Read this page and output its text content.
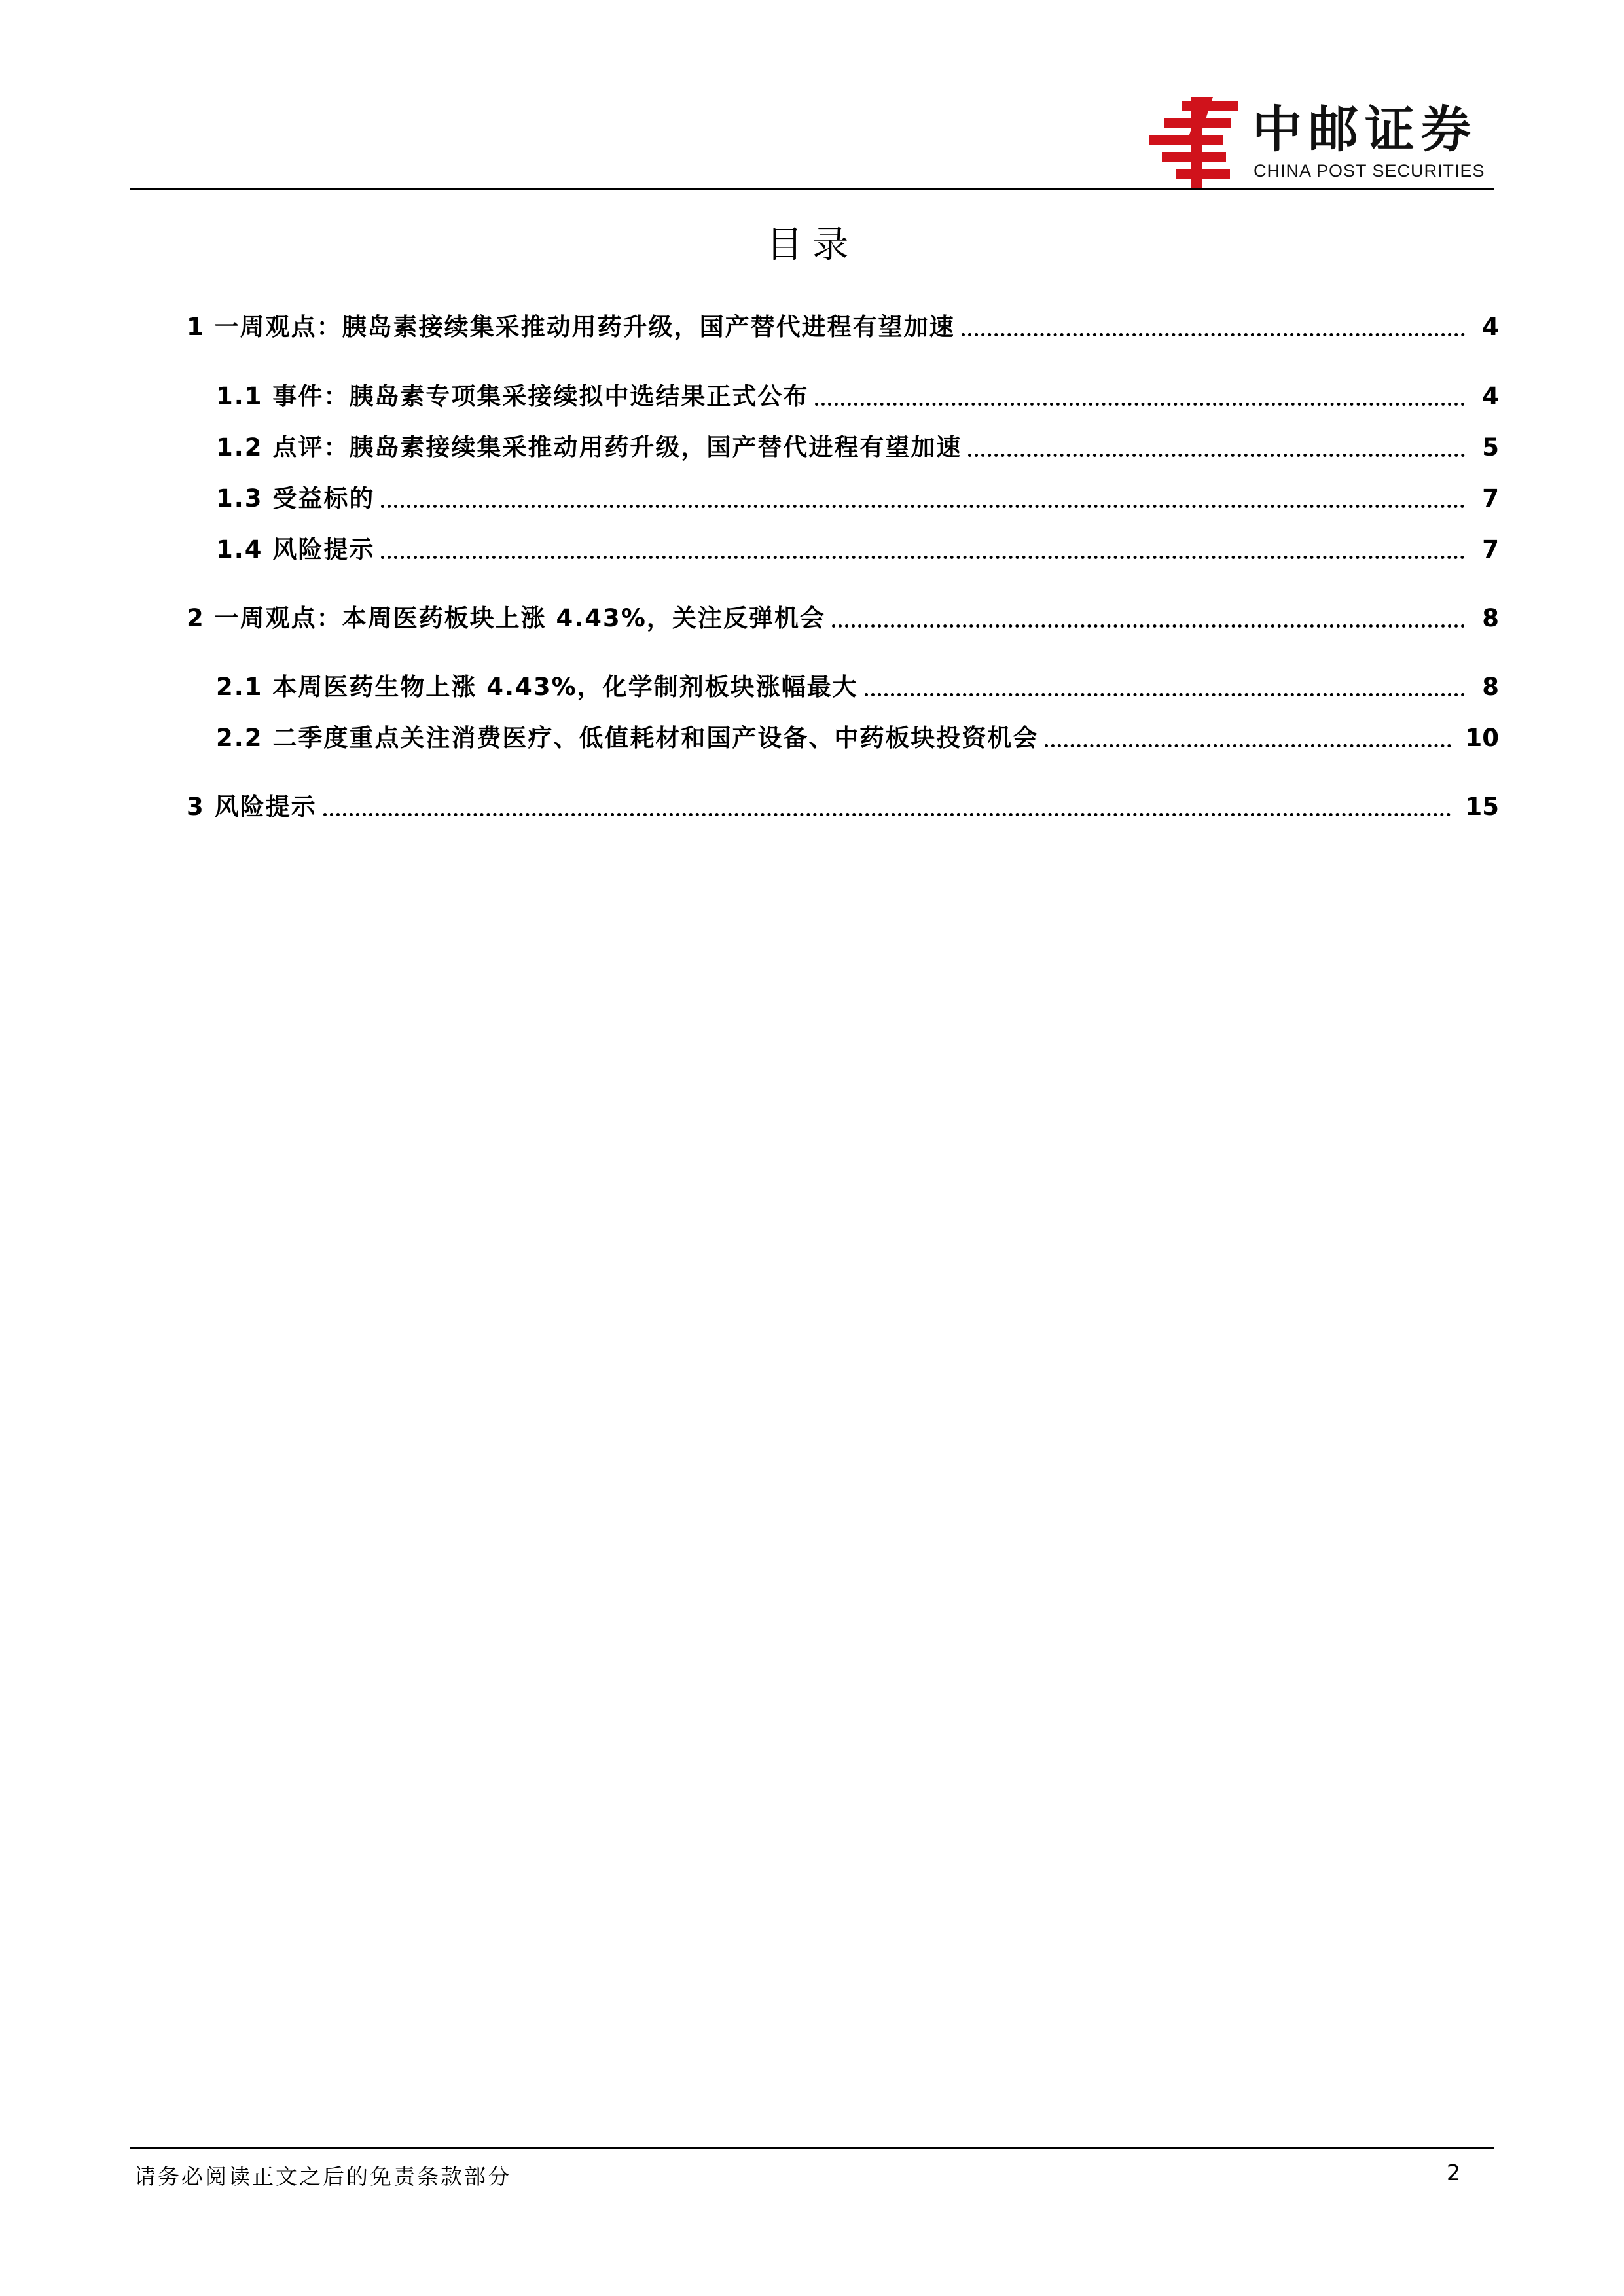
中邮证券
CHINA POST SECURITIES
目录
1 一周观点：胰岛素接续集采推动用药升级，国产替代进程有望加速	4
1.1 事件：胰岛素专项集采接续拟中选结果正式公布	4
1.2 点评：胰岛素接续集采推动用药升级，国产替代进程有望加速	5
1.3 受益标的	7
1.4 风险提示	7
2 一周观点：本周医药板块上涨 4.43%，关注反弹机会	8
2.1 本周医药生物上涨 4.43%，化学制剂板块涨幅最大	8
2.2 二季度重点关注消费医疗、低值耗材和国产设备、中药板块投资机会	10
3 风险提示	15
请务必阅读正文之后的免责条款部分	2
